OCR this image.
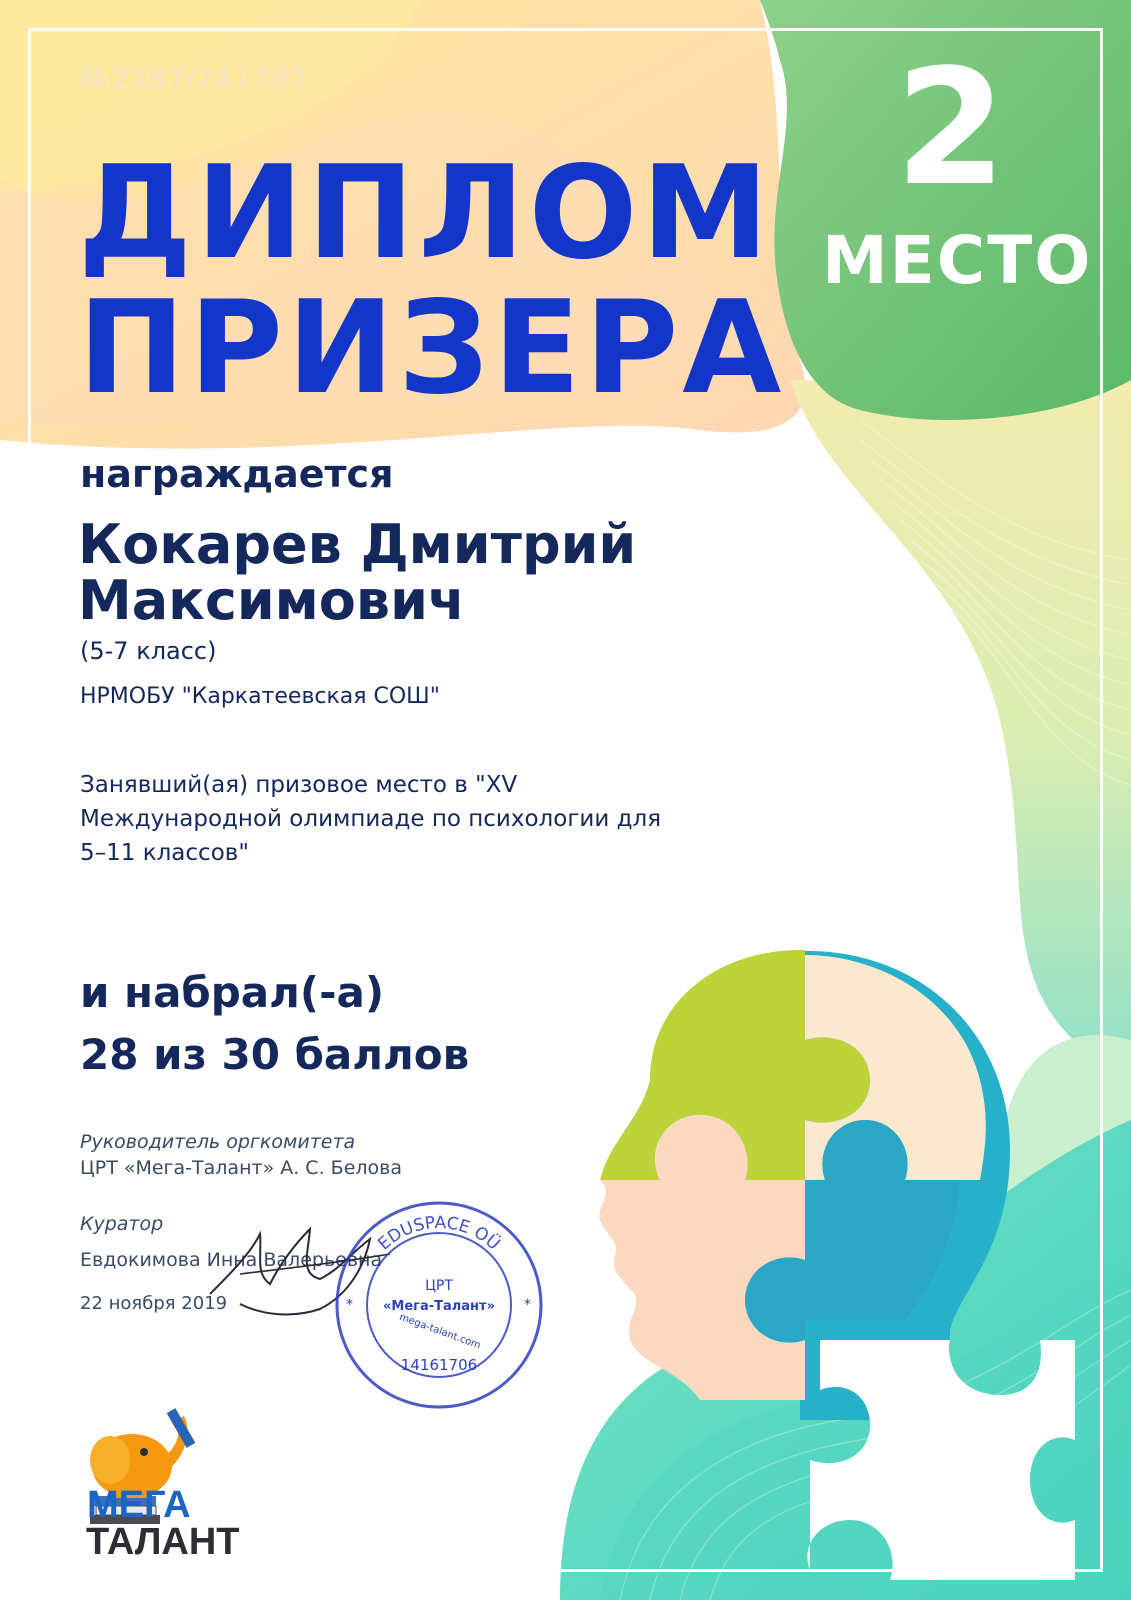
№2387/741782

ДИПЛОМ

ПРИЗЕРА

2

МЕСТО

награждается

Кокарев Дмитрий

Максимович

(5-7 класс)

НРМОБУ "Каркатеевская СОШ"

Занявший(ая) призовое место в "XV

Международной олимпиаде по психологии для

5–11 классов"

и набрал(-а)

28 из 30 баллов

Руководитель оргкомитета

ЦРТ «Мега-Талант» А. С. Белова

Куратор

Евдокимова Инна Валерьевна

22 ноября 2019

EDUSPACE OÜ
ЦРТ
«Мега-Талант»
mega-talant.com
14161706
*	*

МЕГА

ТАЛАНТ
